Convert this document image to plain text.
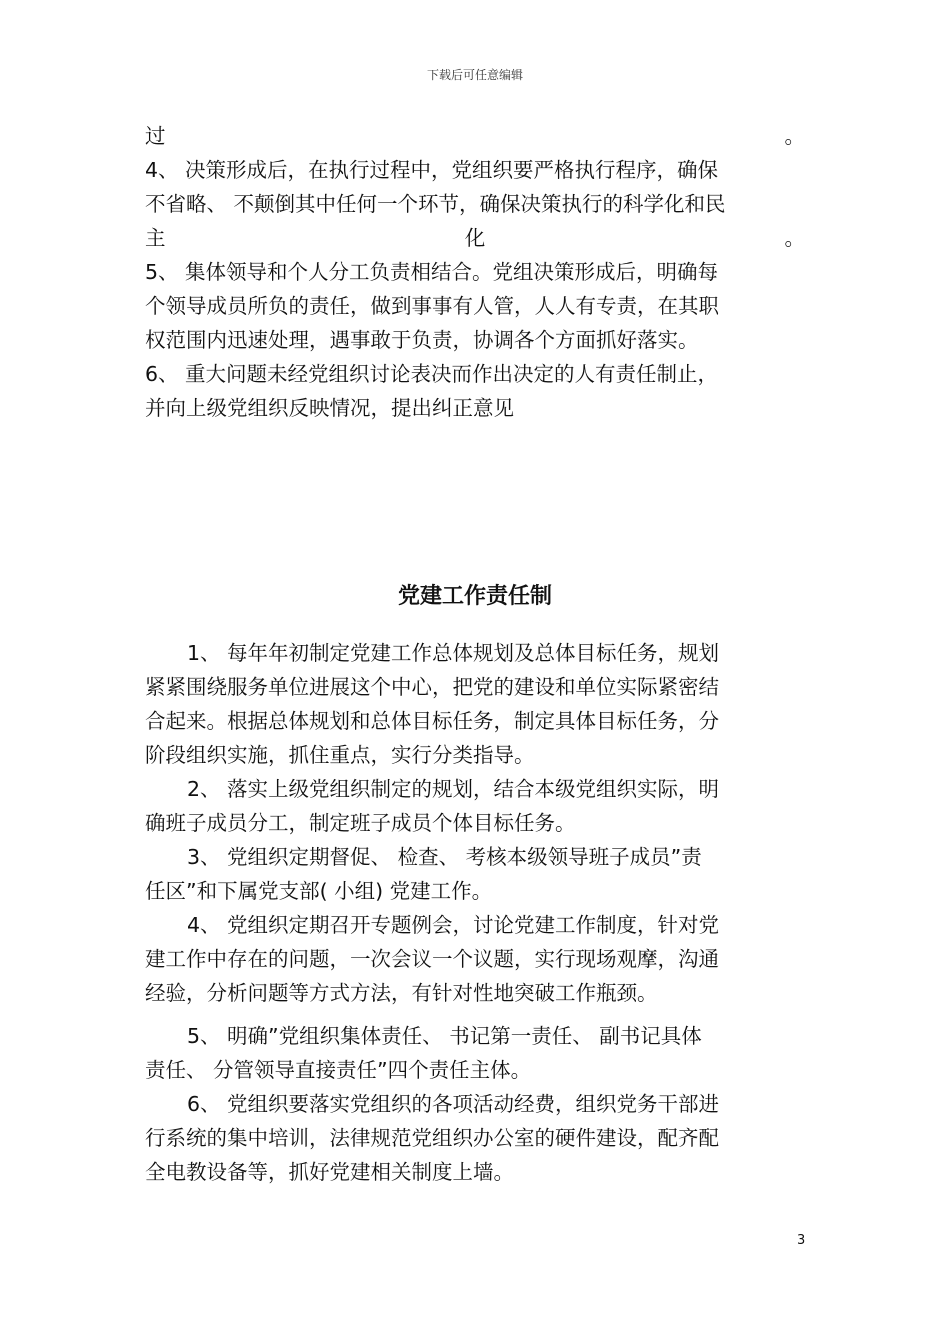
下载后可任意编辑
过	。
4、 决策形成后，在执行过程中，党组织要严格执行程序，确保
不省略、 不颠倒其中任何一个环节，确保决策执行的科学化和民
主	化	。
5、 集体领导和个人分工负责相结合。党组决策形成后，明确每
个领导成员所负的责任，做到事事有人管，人人有专责，在其职
权范围内迅速处理，遇事敢于负责，协调各个方面抓好落实。
6、 重大问题未经党组织讨论表决而作出决定的人有责任制止，
并向上级党组织反映情况，提出纠正意见
党建工作责任制
1、 每年年初制定党建工作总体规划及总体目标任务，规划
紧紧围绕服务单位进展这个中心，把党的建设和单位实际紧密结
合起来。根据总体规划和总体目标任务，制定具体目标任务，分
阶段组织实施，抓住重点，实行分类指导。
2、 落实上级党组织制定的规划，结合本级党组织实际，明
确班子成员分工，制定班子成员个体目标任务。
3、 党组织定期督促、 检查、 考核本级领导班子成员”责
任区”和下属党支部( 小组) 党建工作。
4、 党组织定期召开专题例会，讨论党建工作制度，针对党
建工作中存在的问题，一次会议一个议题，实行现场观摩，沟通
经验，分析问题等方式方法，有针对性地突破工作瓶颈。
5、 明确”党组织集体责任、 书记第一责任、 副书记具体
责任、 分管领导直接责任”四个责任主体。
6、 党组织要落实党组织的各项活动经费，组织党务干部进
行系统的集中培训，法律规范党组织办公室的硬件建设，配齐配
全电教设备等，抓好党建相关制度上墙。
3
